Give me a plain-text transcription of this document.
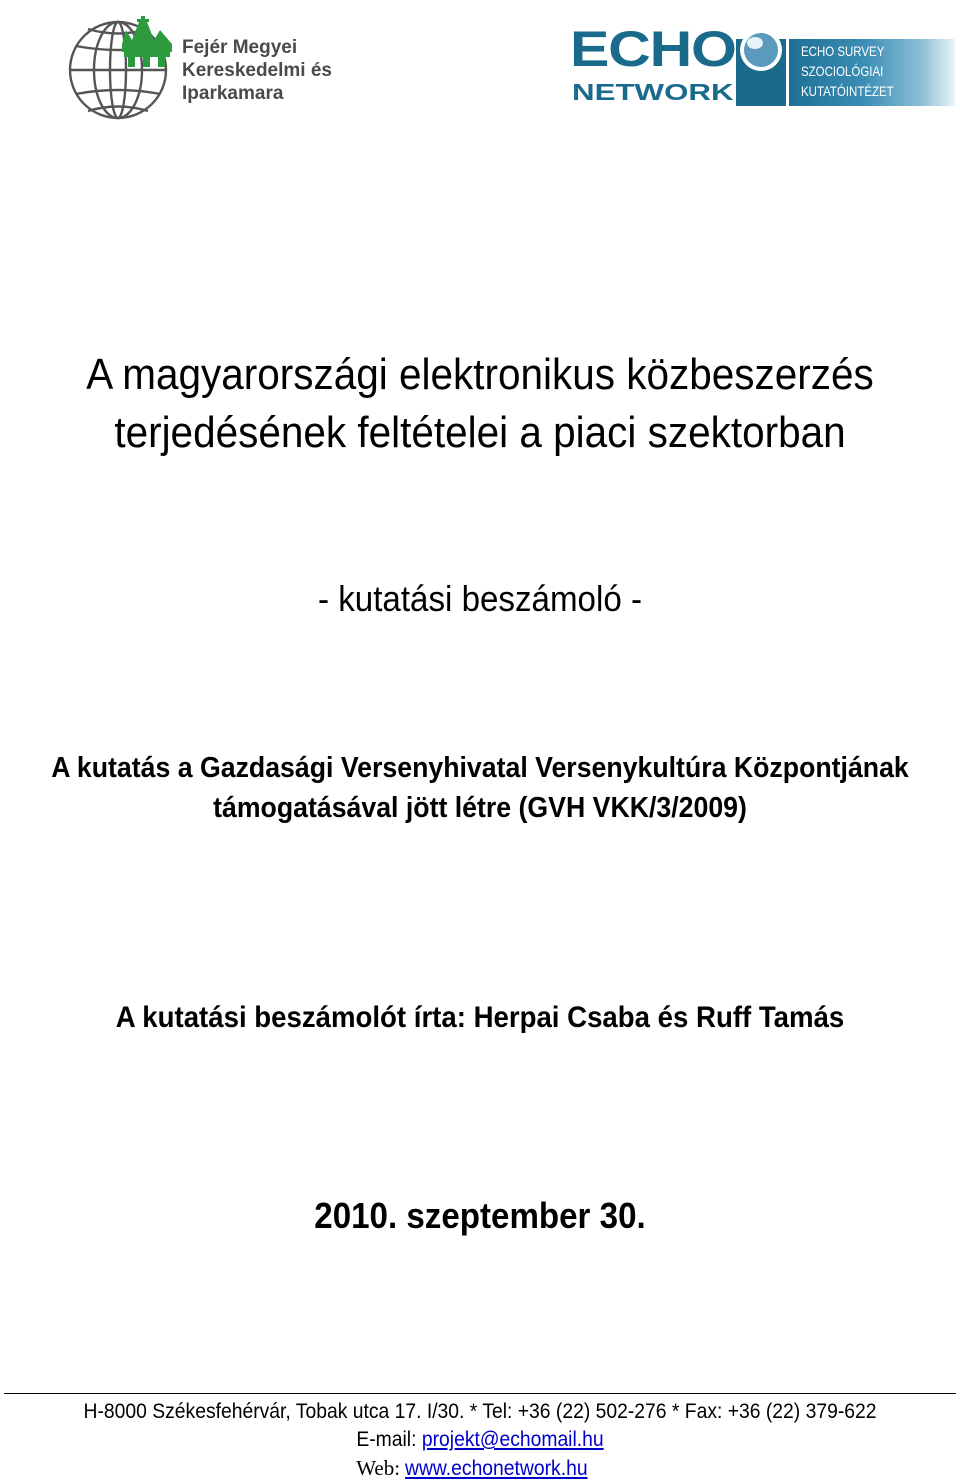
Fejér Megyei
Kereskedelmi és
Iparkamara
ECHO
NETWORK
ECHO SURVEY
SZOCIOLÓGIAI
KUTATÓINTÉZET
A magyarországi elektronikus közbeszerzés
terjedésének feltételei a piaci szektorban
- kutatási beszámoló -
A kutatás a Gazdasági Versenyhivatal Versenykultúra Központjának
támogatásával jött létre (GVH VKK/3/2009)
A kutatási beszámolót írta: Herpai Csaba és Ruff Tamás
2010. szeptember 30.
H-8000 Székesfehérvár, Tobak utca 17. I/30. * Tel: +36 (22) 502-276 * Fax: +36 (22) 379-622
E-mail: projekt@echomail.hu
Web: www.echonetwork.hu
